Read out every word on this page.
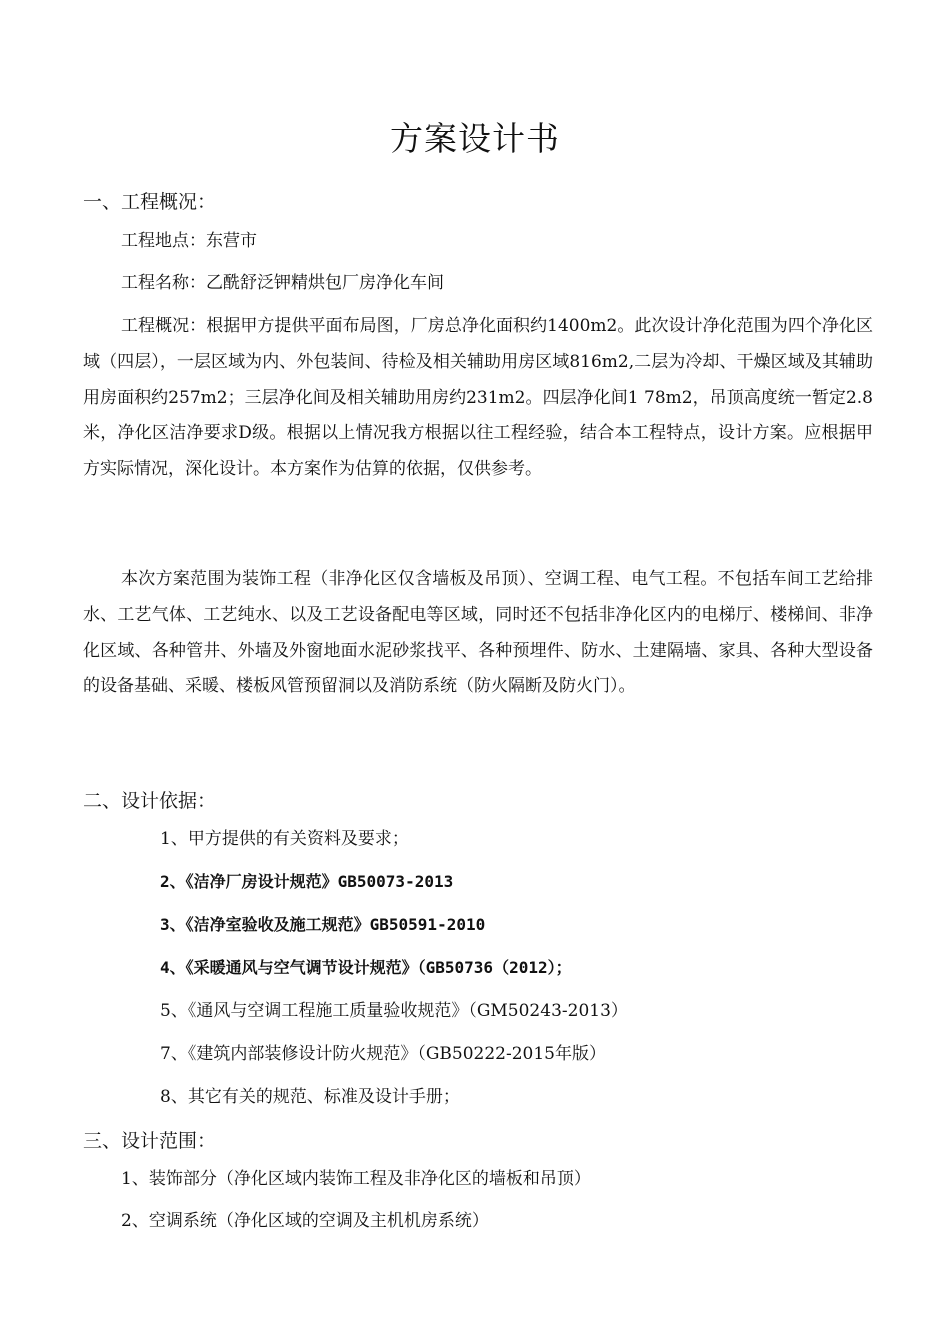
方案设计书
一、工程概况：
工程地点：东营市
工程名称：乙酰舒泛钾精烘包厂房净化车间
工程概况：根据甲方提供平面布局图，厂房总净化面积约1400m2。此次设计净化范围为四个净化区域（四层），一层区域为内、外包装间、待检及相关辅助用房区域816m2,二层为冷却、干燥区域及其辅助用房面积约257m2；三层净化间及相关辅助用房约231m2。四层净化间1 78m2，吊顶高度统一暂定2.8米，净化区洁净要求D级。根据以上情况我方根据以往工程经验，结合本工程特点，设计方案。应根据甲方实际情况，深化设计。本方案作为估算的依据，仅供参考。
本次方案范围为装饰工程（非净化区仅含墙板及吊顶）、空调工程、电气工程。不包括车间工艺给排水、工艺气体、工艺纯水、以及工艺设备配电等区域，同时还不包括非净化区内的电梯厅、楼梯间、非净化区域、各种管井、外墙及外窗地面水泥砂浆找平、各种预埋件、防水、土建隔墙、家具、各种大型设备的设备基础、采暖、楼板风管预留洞以及消防系统（防火隔断及防火门）。
二、设计依据：
1、甲方提供的有关资料及要求；
2、《洁净厂房设计规范》GB50073-2013
3、《洁净室验收及施工规范》GB50591-2010
4、《采暖通风与空气调节设计规范》（GB50736（2012）；
5、《通风与空调工程施工质量验收规范》（GM50243-2013）
7、《建筑内部装修设计防火规范》（GB50222-2015年版）
8、其它有关的规范、标准及设计手册；
三、设计范围：
1、装饰部分（净化区域内装饰工程及非净化区的墙板和吊顶）
2、空调系统（净化区域的空调及主机机房系统）
